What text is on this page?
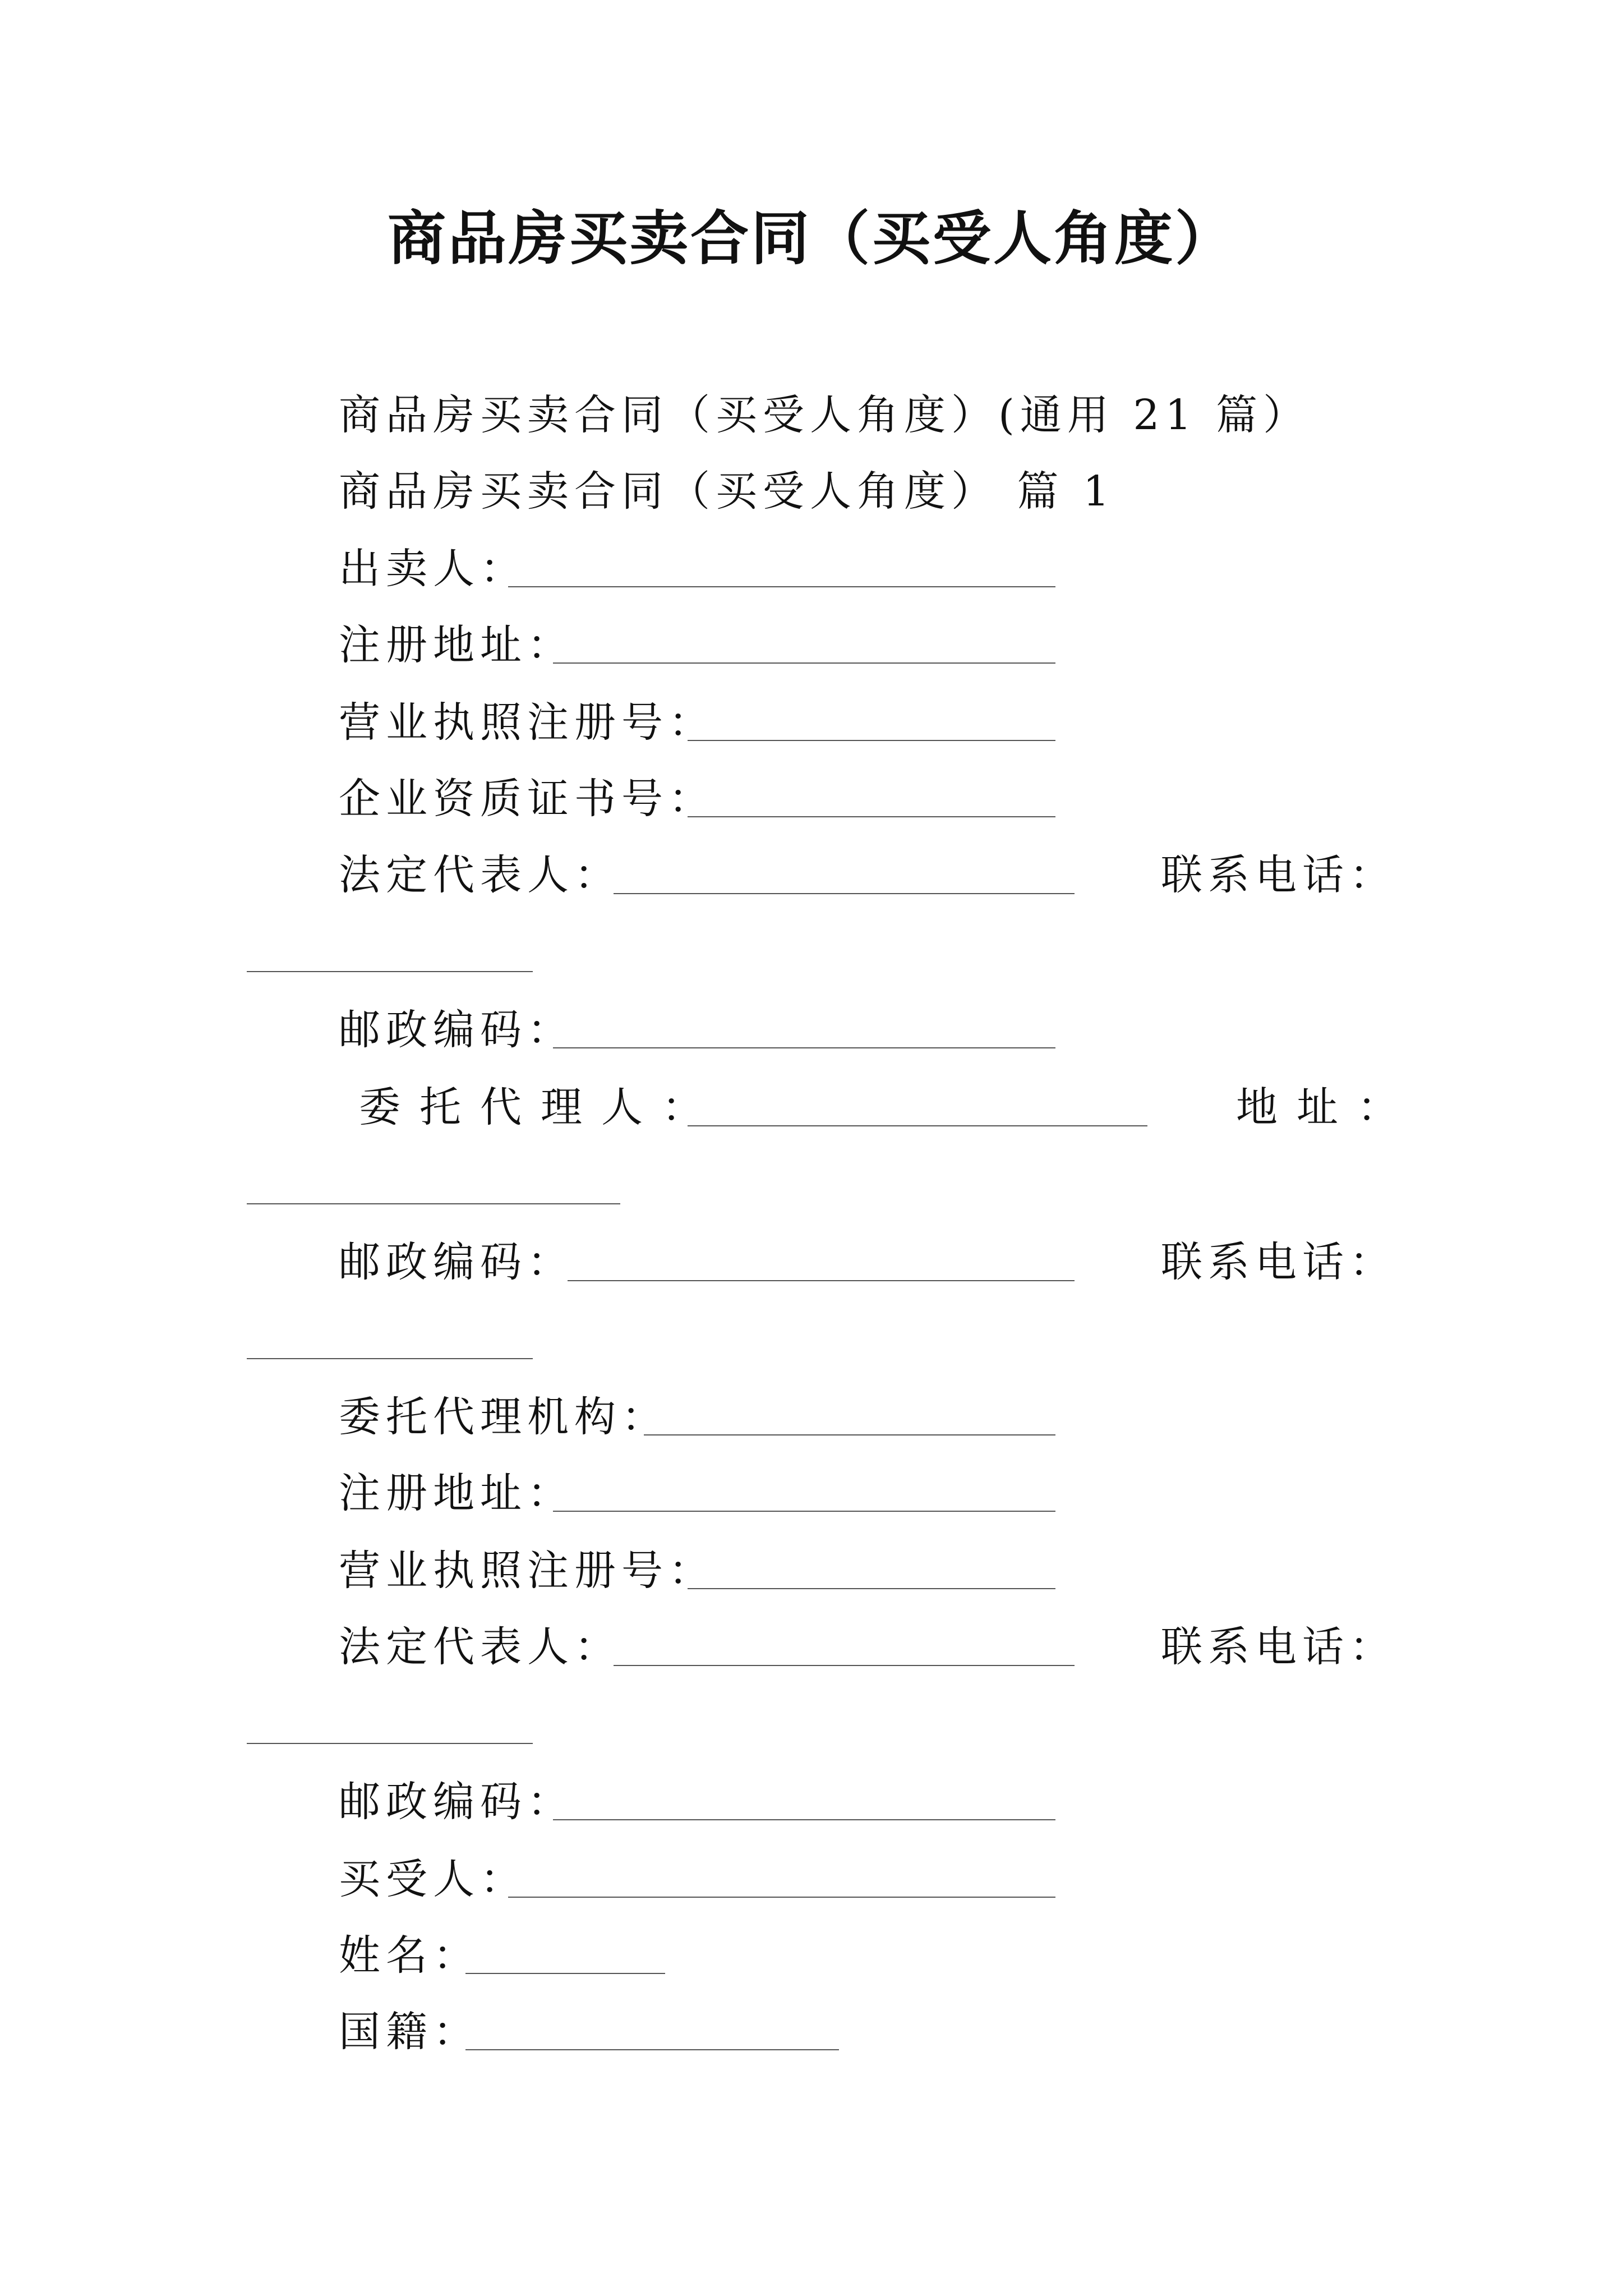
商品房买卖合同（买受人角度）
商品房买卖合同（买受人角度）(通用 21 篇）
商品房买卖合同（买受人角度） 篇 1
出卖人：
注册地址：
营业执照注册号：
企业资质证书号：
法定代表人：	联系电话：
邮政编码：
委托代理人：	地址：
邮政编码：	联系电话：
委托代理机构：
注册地址：
营业执照注册号：
法定代表人：	联系电话：
邮政编码：
买受人：
姓名：
国籍：
